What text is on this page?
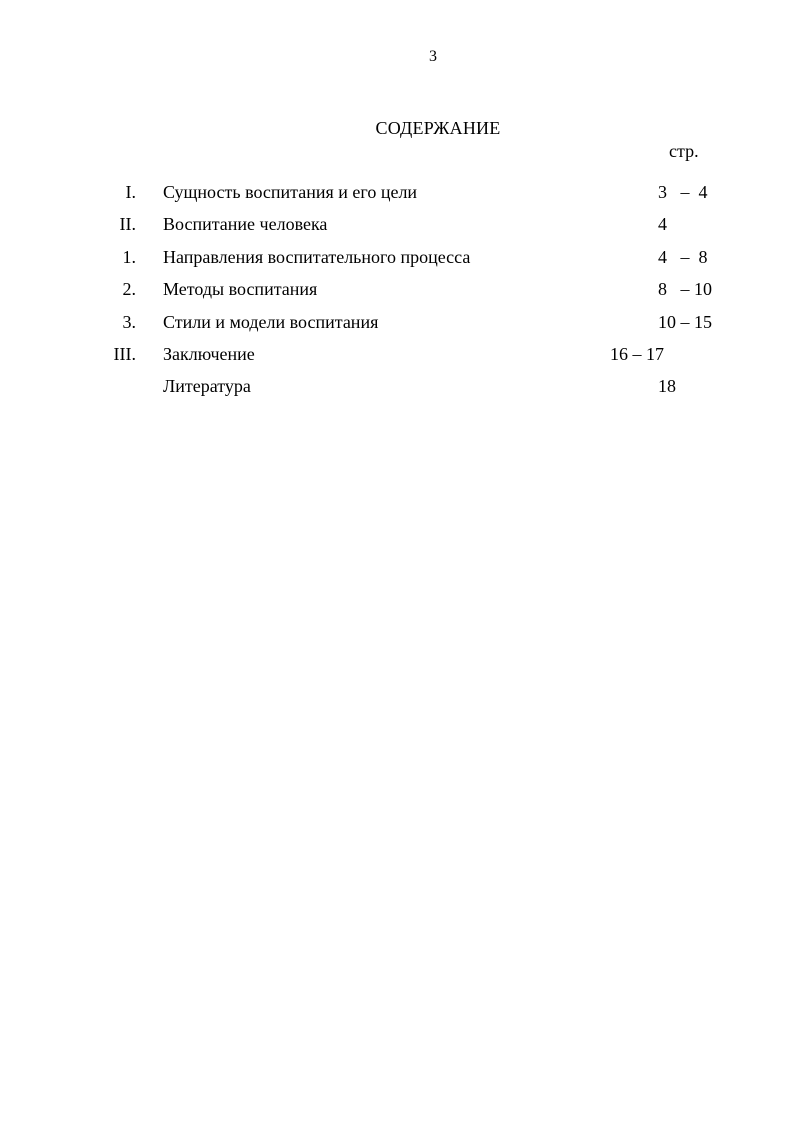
3
СОДЕРЖАНИЕ
стр.
I. Сущность воспитания и его цели	3   –  4
II. Воспитание человека	4
1. Направления воспитательного процесса	4   –  8
2. Методы воспитания	8   – 10
3. Стили и модели воспитания	10 – 15
III. Заключение	16 – 17
Литература	18
